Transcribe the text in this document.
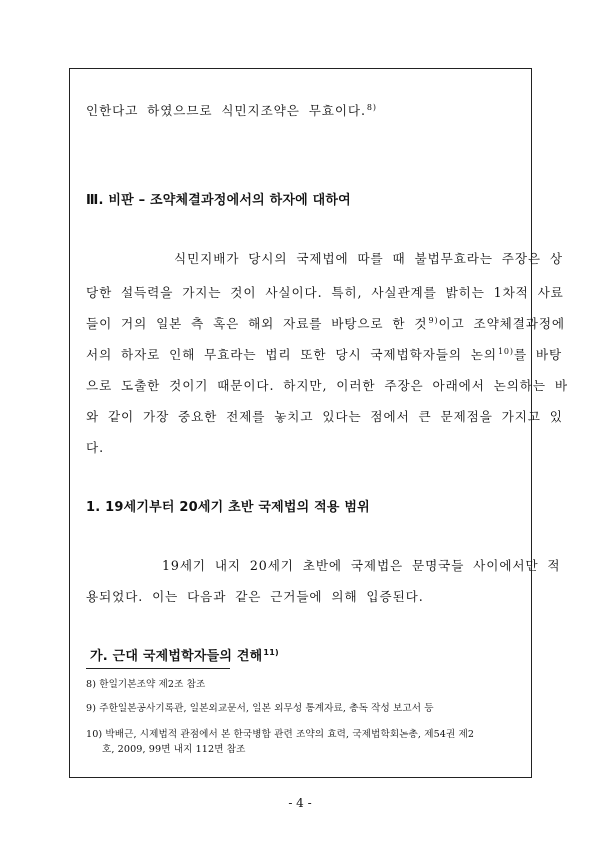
인한다고 하였으므로 식민지조약은 무효이다.$^{8)}$
Ⅲ. 비판 – 조약체결과정에서의 하자에 대하여
식민지배가 당시의 국제법에 따를 때 불법무효라는 주장은 상
당한 설득력을 가지는 것이 사실이다. 특히, 사실관계를 밝히는 1차적 사료
들이 거의 일본 측 혹은 해외 자료를 바탕으로 한 것$^{9)}$이고 조약체결과정에
서의 하자로 인해 무효라는 법리 또한 당시 국제법학자들의 논의$^{10)}$를 바탕
으로 도출한 것이기 때문이다. 하지만, 이러한 주장은 아래에서 논의하는 바
와 같이 가장 중요한 전제를 놓치고 있다는 점에서 큰 문제점을 가지고 있
다.
1. 19세기부터 20세기 초반 국제법의 적용 범위
19세기 내지 20세기 초반에 국제법은 문명국들 사이에서만 적
용되었다. 이는 다음과 같은 근거들에 의해 입증된다.
가. 근대 국제법학자들의 견해$^{11)}$
8) 한일기본조약 제2조 참조
9) 주한일본공사기록관, 일본외교문서, 일본 외무성 통계자료, 총독 작성 보고서 등
10) 박배근, 시제법적 관점에서 본 한국병합 관련 조약의 효력, 국제법학회논총, 제54권 제2
호, 2009, 99면 내지 112면 참조
- 4 -
